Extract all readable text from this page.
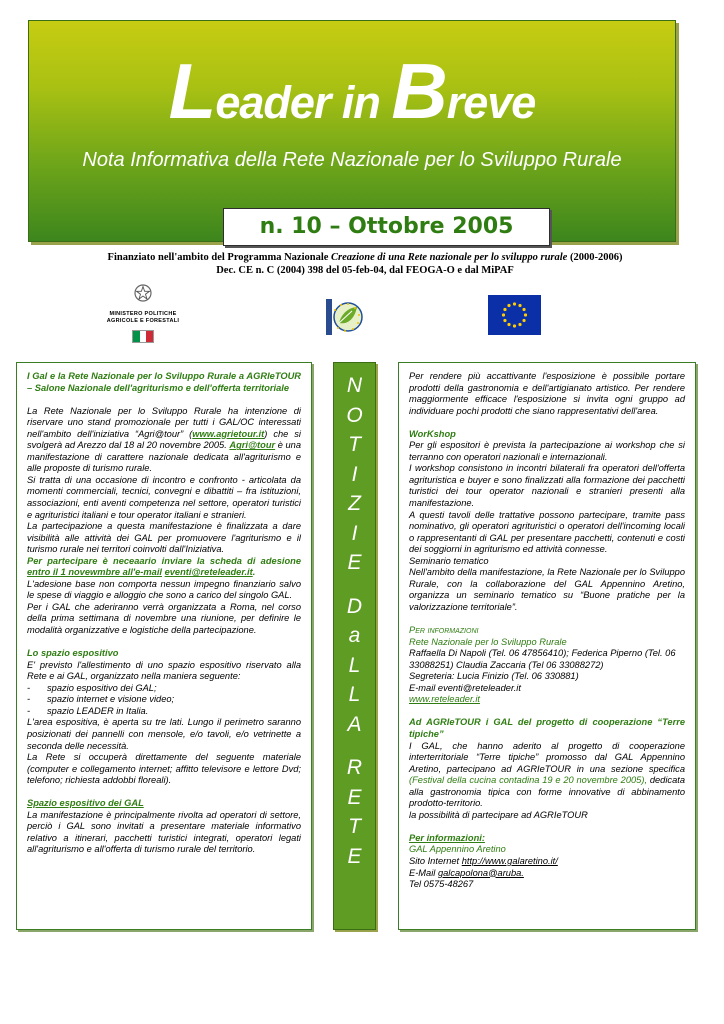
Leader in Breve
Nota Informativa della Rete Nazionale per lo Sviluppo Rurale
n. 10 – Ottobre 2005
Finanziato nell'ambito del Programma Nazionale Creazione di una Rete nazionale per lo sviluppo rurale (2000-2006)
Dec. CE n. C (2004) 398 del 05-feb-04, dal FEOGA-O e dal MiPAF
MINISTERO POLITICHE
AGRICOLE E FORESTALI

I Gal e la Rete Nazionale per lo Sviluppo Rurale a AGRIeTOUR – Salone Nazionale dell'agriturismo e dell'offerta territoriale

La Rete Nazionale per lo Sviluppo Rurale ha intenzione di riservare uno stand promozionale per tutti i GAL/OC interessati nell'ambito dell'iniziativa “Agri@tour” (www.agrietour.it) che si svolgerà ad Arezzo dal 18 al 20 novembre 2005. Agri@tour è una manifestazione di carattere nazionale dedicata all'agriturismo e alle proposte di turismo rurale.

Si tratta di una occasione di incontro e confronto - articolata da momenti commerciali, tecnici, convegni e dibattiti – fra istituzioni, associazioni, enti aventi competenza nel settore, operatori turistici e agrituristici italiani e tour operator italiani e stranieri.

La partecipazione a questa manifestazione è finalizzata a dare visibilità alle attività dei GAL per promuovere l'agriturismo e il turismo rurale nei territori coinvolti dall'Iniziativa.

Per partecipare è neceaario inviare la scheda di adesione entro il 1 novewmbre all'e-mail eventi@reteleader.it.

L'adesione base non comporta nessun impegno finanziario salvo le spese di viaggio e alloggio che sono a carico del singolo GAL.

Per i GAL che aderiranno verrà organizzata a Roma, nel corso della prima settimana di novembre una riunione, per definire le modalità organizzative e logistiche della partecipazione.

Lo spazio espositivo

E' previsto l'allestimento di uno spazio espositivo riservato alla Rete e ai GAL, organizzato nella maniera seguente:

- spazio espositivo dei GAL;

- spazio internet e visione video;

- spazio LEADER in Italia.

L'area espositiva, è aperta su tre lati. Lungo il perimetro saranno posizionati dei pannelli con mensole, e/o tavoli, e/o vetrinette a seconda delle necessità.

La Rete si occuperà direttamente del seguente materiale (computer e collegamento internet; affitto televisore e lettore Dvd; telefono; richiesta addobbi floreali).

Spazio espositivo dei GAL

La manifestazione è principalmente rivolta ad operatori di settore, perciò i GAL sono invitati a presentare materiale informativo relativo a itinerari, pacchetti turistici integrati, operatori legati all'agriturismo e all'offerta di turismo rurale del territorio.

N
O
T
I
Z
I
E
D
a
L
L
A
R
E
T
E

Per rendere più accattivante l'esposizione è possibile portare prodotti della gastronomia e dell'artigianato artistico. Per rendere maggiormente efficace l'esposizione si invita ogni gruppo ad individuare pochi prodotti che siano rappresentativi dell'area.

WorKshop

Per gli espositori è prevista la partecipazione ai workshop che si terranno con operatori nazionali e internazionali.

I workshop consistono in incontri bilaterali fra operatori dell'offerta agrituristica e buyer e sono finalizzati alla formazione dei pacchetti turistici dei tour operator nazionali e stranieri presenti alla manifestazione.

A questi tavoli delle trattative possono partecipare, tramite pass nominativo, gli operatori agrituristici o operatori dell'incoming locali o rappresentanti di GAL per presentare pacchetti, contenuti e costi dei soggiorni in agriturismo ed attività connesse.

Seminario tematico

Nell'ambito della manifestazione, la Rete Nazionale per lo Sviluppo Rurale, con la collaborazione del GAL Appennino Aretino, organizza un seminario tematico su “Buone pratiche per la valorizzazione territoriale”.

Per informazioni

Rete Nazionale per lo Sviluppo Rurale

Raffaella Di Napoli (Tel. 06 47856410); Federica Piperno (Tel. 06 33088251) Claudia Zaccaria (Tel 06 33088272)

Segreteria: Lucia Finizio (Tel. 06 330881)

E-mail eventi@reteleader.it

www.reteleader.it

Ad AGRIeTOUR i GAL del progetto di cooperazione “Terre tipiche”

I GAL, che hanno aderito al progetto di cooperazione interterritoriale “Terre tipiche” promosso dal GAL Appennino Aretino, partecipano ad AGRIeTOUR in una sezione specifica (Festival della cucina contadina 19 e 20 novembre 2005), dedicata alla gastronomia tipica con forme innovative di abbinamento prodotto-territorio.

la possibilità di partecipare ad AGRIeTOUR

Per informazioni:

GAL Appennino Aretino

Sito Internet http://www.galaretino.it/

E-Mail galcapolona@aruba.

Tel 0575-48267
